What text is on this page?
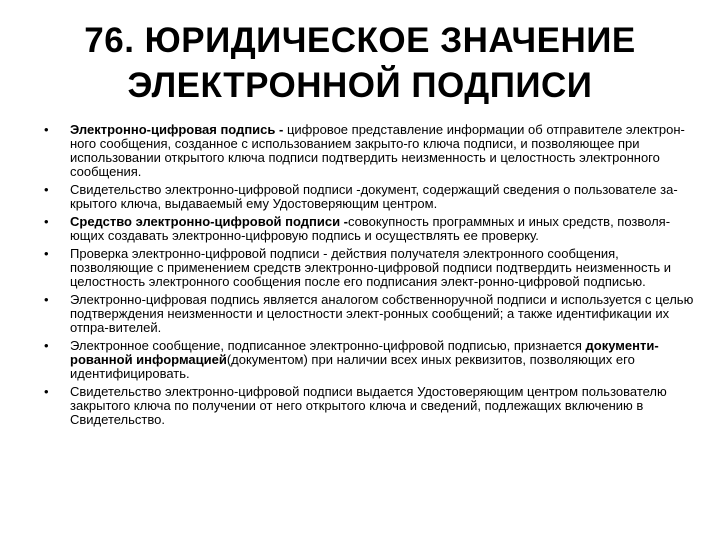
76. ЮРИДИЧЕСКОЕ ЗНАЧЕНИЕ
ЭЛЕКТРОННОЙ ПОДПИСИ
•	Электронно-цифровая подпись - цифровое представление информации об отправителе электрон-ного сообщения, созданное с использованием закрыто-го ключа подписи, и позволяющее при использовании открытого ключа подписи подтвердить неизменность и целостность электронного сообщения.
•	Свидетельство электронно-цифровой подписи -документ, содержащий сведения о пользователе за-крытого ключа, выдаваемый ему Удостоверяющим центром.
•	Средство электронно-цифровой подписи -совокупность программных и иных средств, позволя-ющих создавать электронно-цифровую подпись и осуществлять ее проверку.
•	Проверка электронно-цифровой подписи - действия получателя электронного сообщения, позволяющие с применением средств электронно-цифровой подписи подтвердить неизменность и целостность электронного сообщения после его подписания элект-ронно-цифровой подписью.
•	Электронно-цифровая подпись является аналогом собственноручной подписи и используется с целью подтверждения неизменности и целостности элект-ронных сообщений; а также идентификации их отпра-вителей.
•	Электронное сообщение, подписанное электронно-цифровой подписью, признается документи-рованной информацией(документом) при наличии всех иных реквизитов, позволяющих его идентифицировать.
•	Свидетельство электронно-цифровой подписи выдается Удостоверяющим центром пользователю закрытого ключа по получении от него открытого ключа и сведений, подлежащих включению в Свидетельство.
